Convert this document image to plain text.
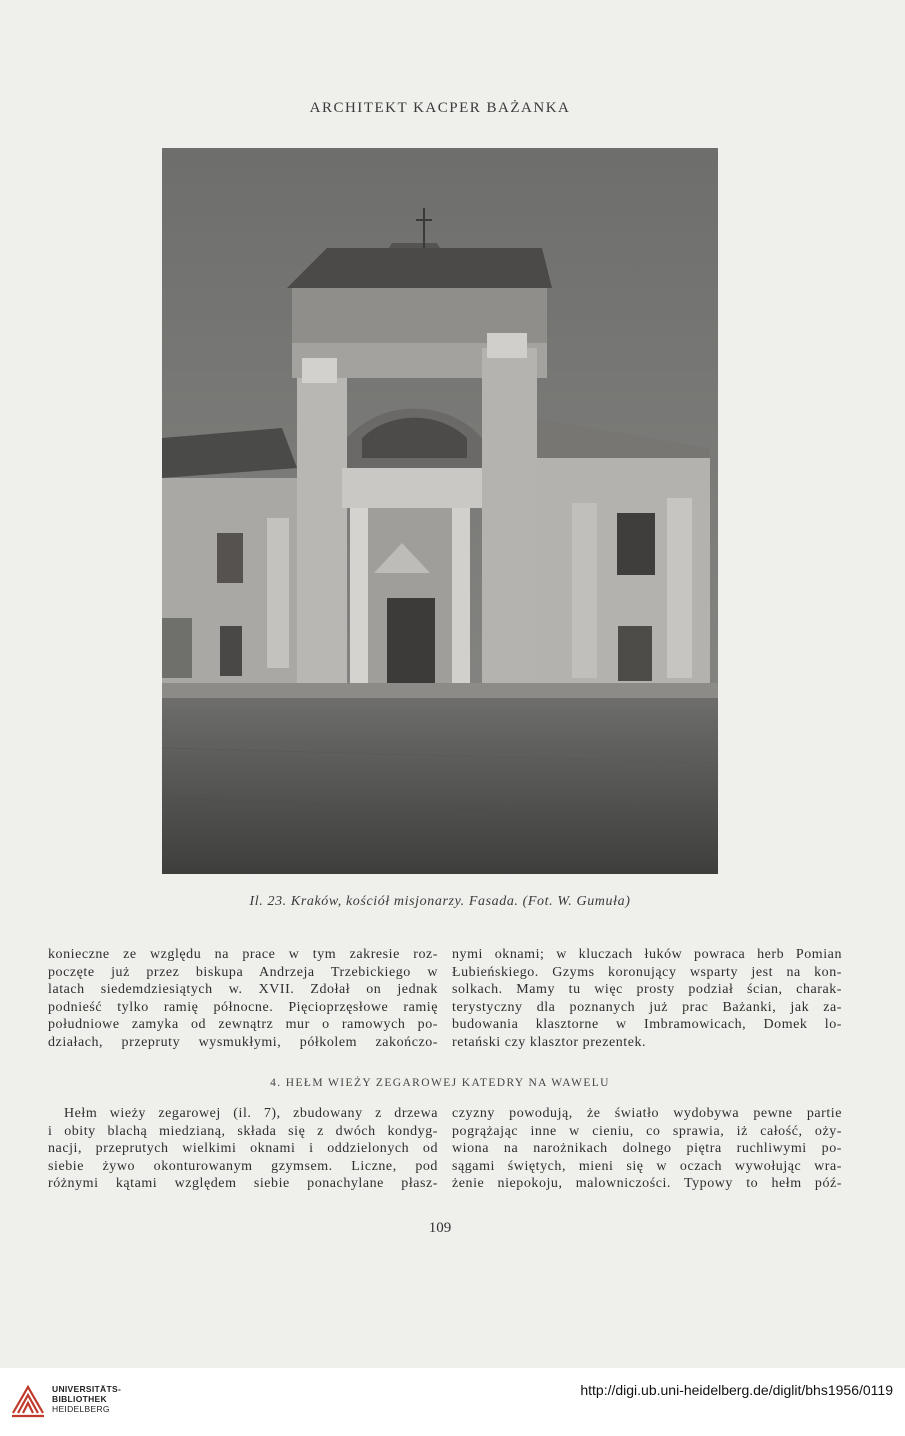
ARCHITEKT KACPER BAŻANKA
Il. 23. Kraków, kościół misjonarzy. Fasada. (Fot. W. Gumuła)
konieczne ze względu na prace w tym zakresie roz-
poczęte już przez biskupa Andrzeja Trzebickiego w
latach siedemdziesiątych w. XVII. Zdołał on jednak
podnieść tylko ramię północne. Pięcioprzęsłowe ramię
południowe zamyka od zewnątrz mur o ramowych po-
działach, przepruty wysmukłymi, półkolem zakończo-
nymi oknami; w kluczach łuków powraca herb Pomian
Łubieńskiego. Gzyms koronujący wsparty jest na kon-
solkach. Mamy tu więc prosty podział ścian, charak-
terystyczny dla poznanych już prac Bażanki, jak za-
budowania klasztorne w Imbramowicach, Domek lo-
retański czy klasztor prezentek.
4. HEŁM WIEŻY ZEGAROWEJ KATEDRY NA WAWELU
Hełm wieży zegarowej (il. 7), zbudowany z drzewa
i obity blachą miedzianą, składa się z dwóch kondyg-
nacji, przeprutych wielkimi oknami i oddzielonych od
siebie żywo okonturowanym gzymsem. Liczne, pod
różnymi kątami względem siebie ponachylane płasz-
czyzny powodują, że światło wydobywa pewne partie
pogrążając inne w cieniu, co sprawia, iż całość, oży-
wiona na narożnikach dolnego piętra ruchliwymi po-
sągami świętych, mieni się w oczach wywołując wra-
żenie niepokoju, malowniczości. Typowy to hełm póź-
109
UNIVERSITÄTS-
BIBLIOTHEK
HEIDELBERG
http://digi.ub.uni-heidelberg.de/diglit/bhs1956/0119
